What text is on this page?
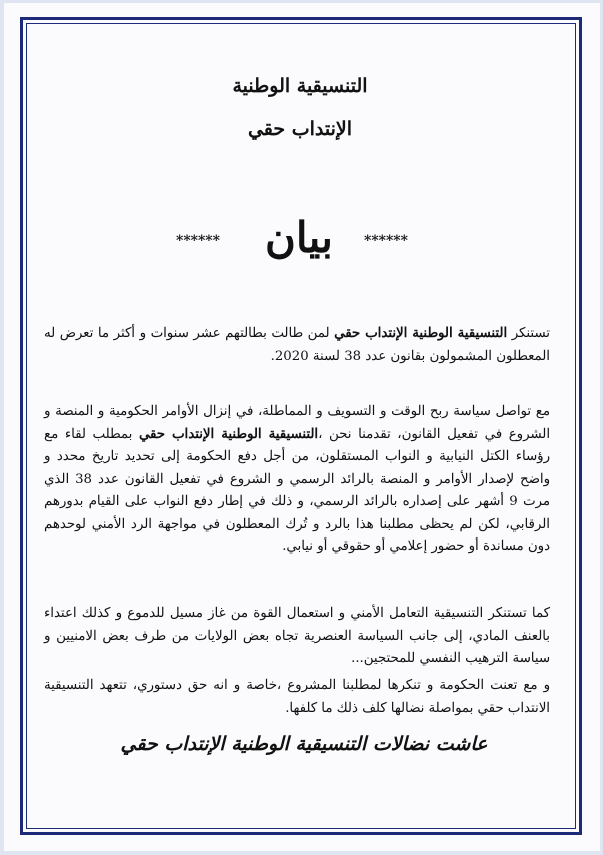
التنسيقية الوطنية
الإنتداب حقي
******
بيان
******
تستنكر التنسيقية الوطنية الإنتداب حقي لمن طالت بطالتهم عشر سنوات و أكثر ما تعرض له المعطلون المشمولون بقانون عدد 38 لسنة 2020.
مع تواصل سياسة ربح الوقت و التسويف و المماطلة، في إنزال الأوامر الحكومية و المنصة و الشروع في تفعيل القانون، تقدمنا نحن ،التنسيقية الوطنية الإنتداب حقي بمطلب لقاء مع رؤساء الكتل النيابية و النواب المستقلون، من أجل دفع الحكومة إلى تحديد تاريخ محدد و واضح لإصدار الأوامر و المنصة بالرائد الرسمي و الشروع في تفعيل القانون عدد 38 الذي مرت 9 أشهر على إصداره بالرائد الرسمي، و ذلك في إطار دفع النواب على القيام بدورهم الرقابي، لكن لم يحظى مطلبنا هذا بالرد و تُرك المعطلون في مواجهة الرد الأمني لوحدهم دون مساندة أو حضور إعلامي أو حقوقي أو نيابي.
كما تستنكر التنسيقية التعامل الأمني و استعمال القوة من غاز مسيل للدموع و كذلك اعتداء بالعنف المادي، إلى جانب السياسة العنصرية تجاه بعض الولايات من طرف بعض الامنيين و سياسة الترهيب النفسي للمحتجين...
و مع تعنت الحكومة و تنكرها لمطلبنا المشروع ،خاصة و انه حق دستوري، تتعهد التنسيقية الانتداب حقي بمواصلة نضالها كلف ذلك ما كلفها.
عاشت نضالات التنسيقية الوطنية الإنتداب حقي
